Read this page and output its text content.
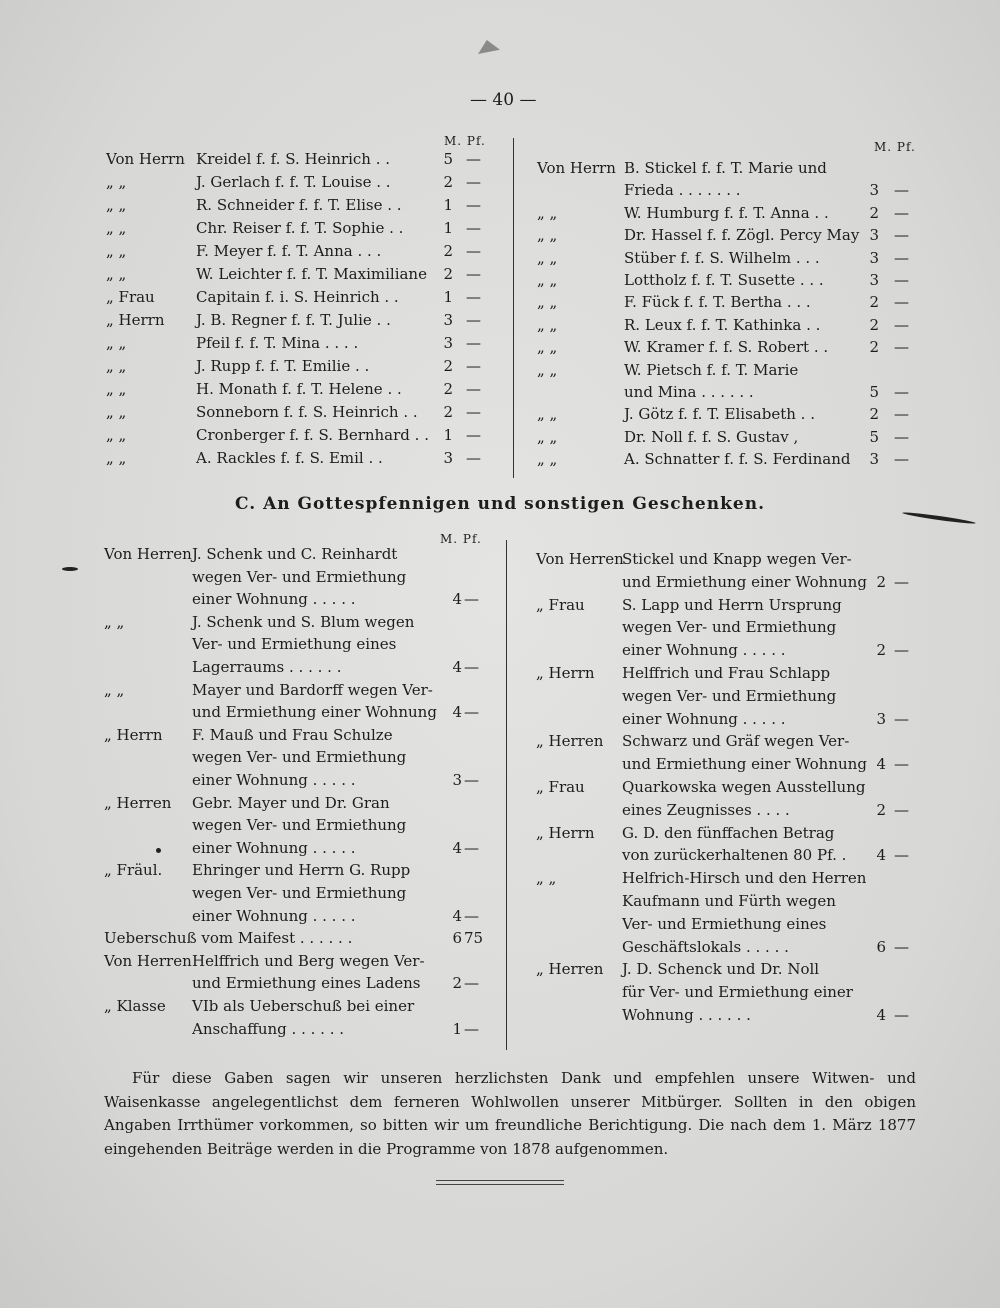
— 40 —
M. Pf.	M. Pf.
Von Herrn Kreidel f. f. S. Heinrich . .	5 —
„ „	J. Gerlach f. f. T. Louise . .	2 —
„ „	R. Schneider f. f. T. Elise . .	1 —
„ „	Chr. Reiser f. f. T. Sophie . .	1 —
„ „	F. Meyer f. f. T. Anna . . .	2 —
„ „	W. Leichter f. f. T. Maximiliane	2 —
„ Frau	Capitain f. i. S. Heinrich . .	1 —
„ Herrn J. B. Regner f. f. T. Julie . .	3 —
„ „	Pfeil f. f. T. Mina . . . .	3 —
„ „	J. Rupp f. f. T. Emilie . .	2 —
„ „	H. Monath f. f. T. Helene . .	2 —
„ „	Sonneborn f. f. S. Heinrich . .	2 —
„ „	Cronberger f. f. S. Bernhard . . 1 —
„ „	A. Rackles f. f. S. Emil . .	3 —
Von Herrn B. Stickel f. f. T. Marie und
Frieda . . . . . . .	3 —
„ „	W. Humburg f. f. T. Anna . .	2 —
„ „	Dr. Hassel f. f. Zögl. Percy May 3 —
„ „	Stüber f. f. S. Wilhelm . . .	3 —
„ „	Lottholz f. f. T. Susette . . .	3 —
„ „	F. Fück f. f. T. Bertha . . .	2 —
„ „	R. Leux f. f. T. Kathinka . .	2 —
„ „	W. Kramer f. f. S. Robert . .	2 —
„ „	W. Pietsch f. f. T. Marie
und Mina . . . . . .	5 —
„ „	J. Götz f. f. T. Elisabeth . .	2 —
„ „	Dr. Noll f. f. S. Gustav ,	5 —
„ „	A. Schnatter f. f. S. Ferdinand	3 —
C. An Gottespfennigen und sonstigen Geschenken.
M. Pf.
Von Herren J. Schenk und C. Reinhardt
wegen Ver- und Ermiethung
einer Wohnung . . . . .	4 —
„ „	J. Schenk und S. Blum wegen
Ver- und Ermiethung eines
Lagerraums . . . . . .	4 —
„ „	Mayer und Bardorff wegen Ver-
und Ermiethung einer Wohnung	4 —
„ Herrn F. Mauß und Frau Schulze
wegen Ver- und Ermiethung
einer Wohnung . . . . .	3 —
„ Herren Gebr. Mayer und Dr. Gran
wegen Ver- und Ermiethung
einer Wohnung . . . . .	4 —
„ Fräul. Ehringer und Herrn G. Rupp
wegen Ver- und Ermiethung
einer Wohnung . . . . .	4 —
Ueberschuß vom Maifest . . . . . .	6 75
Von Herren Helffrich und Berg wegen Ver-
und Ermiethung eines Ladens	2 —
„ Klasse VIb als Ueberschuß bei einer
Anschaffung . . . . . .	1 —
Von Herren
Stickel und Knapp wegen Ver-
und Ermiethung einer Wohnung 2 —
„ Frau S. Lapp und Herrn Ursprung
wegen Ver- und Ermiethung
einer Wohnung . . . . .	2 —
„ Herrn Helffrich und Frau Schlapp
wegen Ver- und Ermiethung
einer Wohnung . . . . .	3 —
„ Herren Schwarz und Gräf wegen Ver-
und Ermiethung einer Wohnung 4 —
„ Frau Quarkowska wegen Ausstellung
eines Zeugnisses . . . .	2 —
„ Herrn G. D. den fünffachen Betrag
von zurückerhaltenen 80 Pf. .	4 —
„ „	Helfrich-Hirsch und den Herren
Kaufmann und Fürth wegen
Ver- und Ermiethung eines
Geschäftslokals . . . . .	6 —
„ Herren J. D. Schenck und Dr. Noll
für Ver- und Ermiethung einer
Wohnung . . . . . .	4 —
Für diese Gaben sagen wir unseren herzlichsten Dank und empfehlen unsere Witwen- und Waisenkasse angelegentlichst dem ferneren Wohlwollen unserer Mitbürger. Sollten in den obigen Angaben Irrthümer vorkommen, so bitten wir um freundliche Berichtigung. Die nach dem 1. März 1877 eingehenden Beiträge werden in die Programme von 1878 aufgenommen.
